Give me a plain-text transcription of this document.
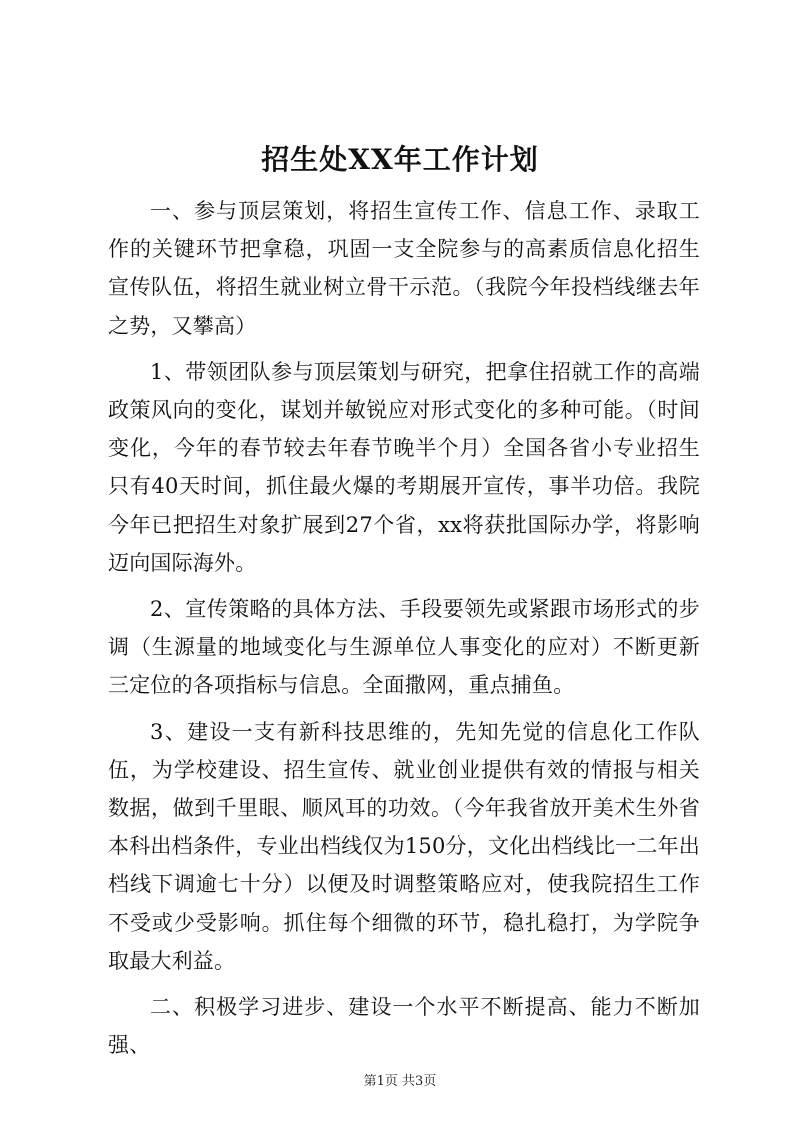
招生处XX年工作计划

一、参与顶层策划，将招生宣传工作、信息工作、录取工作的关键环节把拿稳，巩固一支全院参与的高素质信息化招生宣传队伍，将招生就业树立骨干示范。（我院今年投档线继去年之势，又攀高）

1、带领团队参与顶层策划与研究，把拿住招就工作的高端政策风向的变化，谋划并敏锐应对形式变化的多种可能。（时间变化，今年的春节较去年春节晚半个月）全国各省小专业招生只有40天时间，抓住最火爆的考期展开宣传，事半功倍。我院今年已把招生对象扩展到27个省，xx将获批国际办学，将影响迈向国际海外。

2、宣传策略的具体方法、手段要领先或紧跟市场形式的步调（生源量的地域变化与生源单位人事变化的应对）不断更新三定位的各项指标与信息。全面撒网，重点捕鱼。

3、建设一支有新科技思维的，先知先觉的信息化工作队伍，为学校建设、招生宣传、就业创业提供有效的情报与相关数据，做到千里眼、顺风耳的功效。（今年我省放开美术生外省本科出档条件，专业出档线仅为150分，文化出档线比一二年出档线下调逾七十分）以便及时调整策略应对，使我院招生工作不受或少受影响。抓住每个细微的环节，稳扎稳打，为学院争取最大利益。

二、积极学习进步、建设一个水平不断提高、能力不断加强、

第1页 共3页
